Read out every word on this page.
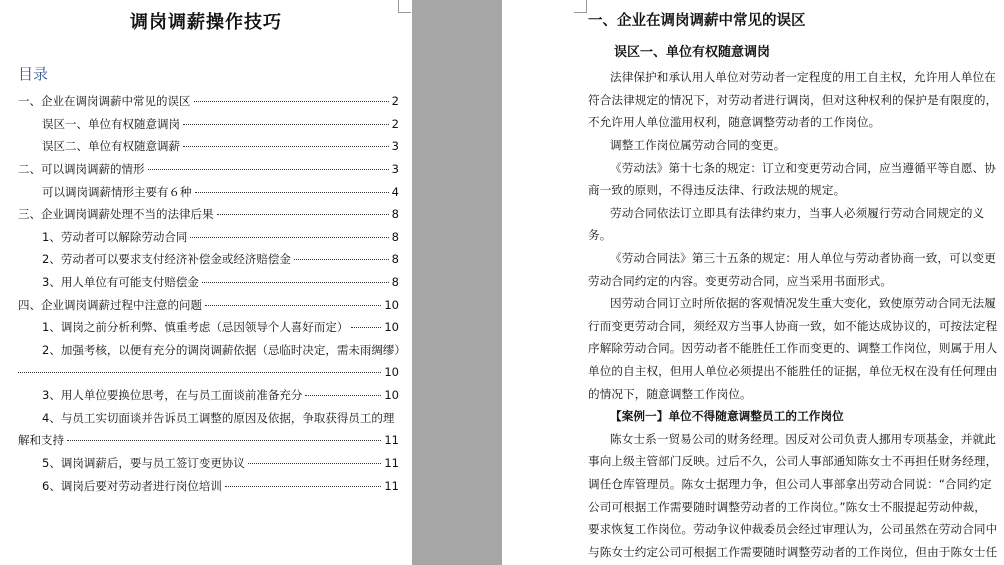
调岗调薪操作技巧
目录
一、企业在调岗调薪中常见的误区	2
误区一、单位有权随意调岗	2
误区二、单位有权随意调薪	3
二、可以调岗调薪的情形	3
可以调岗调薪情形主要有６种	4
三、企业调岗调薪处理不当的法律后果	8
1、劳动者可以解除劳动合同	8
2、劳动者可以要求支付经济补偿金或经济赔偿金	8
3、用人单位有可能支付赔偿金	8
四、企业调岗调薪过程中注意的问题	10
1、调岗之前分析利弊、慎重考虑（忌因领导个人喜好而定）	10
2、加强考核，以便有充分的调岗调薪依据（忌临时决定，需未雨绸缪）
10
3、用人单位要换位思考，在与员工面谈前准备充分	10
4、与员工实切面谈并告诉员工调整的原因及依据，争取获得员工的理
解和支持	11
5、调岗调薪后，要与员工签订变更协议	11
6、调岗后要对劳动者进行岗位培训	11
一、企业在调岗调薪中常见的误区
误区一、单位有权随意调岗
法律保护和承认用人单位对劳动者一定程度的用工自主权，允许用人单位在
符合法律规定的情况下，对劳动者进行调岗，但对这种权利的保护是有限度的，
不允许用人单位滥用权利，随意调整劳动者的工作岗位。
调整工作岗位属劳动合同的变更。
《劳动法》第十七条的规定：订立和变更劳动合同，应当遵循平等自愿、协
商一致的原则，不得违反法律、行政法规的规定。
劳动合同依法订立即具有法律约束力，当事人必须履行劳动合同规定的义
务。
《劳动合同法》第三十五条的规定：用人单位与劳动者协商一致，可以变更
劳动合同约定的内容。变更劳动合同，应当采用书面形式。
因劳动合同订立时所依据的客观情况发生重大变化，致使原劳动合同无法履
行而变更劳动合同，须经双方当事人协商一致，如不能达成协议的，可按法定程
序解除劳动合同。因劳动者不能胜任工作而变更的、调整工作岗位，则属于用人
单位的自主权，但用人单位必须提出不能胜任的证据，单位无权在没有任何理由
的情况下，随意调整工作岗位。
【案例一】单位不得随意调整员工的工作岗位
陈女士系一贸易公司的财务经理。因反对公司负责人挪用专项基金，并就此
事向上级主管部门反映。过后不久，公司人事部通知陈女士不再担任财务经理，
调任仓库管理员。陈女士据理力争，但公司人事部拿出劳动合同说：“合同约定
公司可根据工作需要随时调整劳动者的工作岗位。”陈女士不服提起劳动仲裁，
要求恢复工作岗位。劳动争议仲裁委员会经过审理认为，公司虽然在劳动合同中
与陈女士约定公司可根据工作需要随时调整劳动者的工作岗位，但由于陈女士任
